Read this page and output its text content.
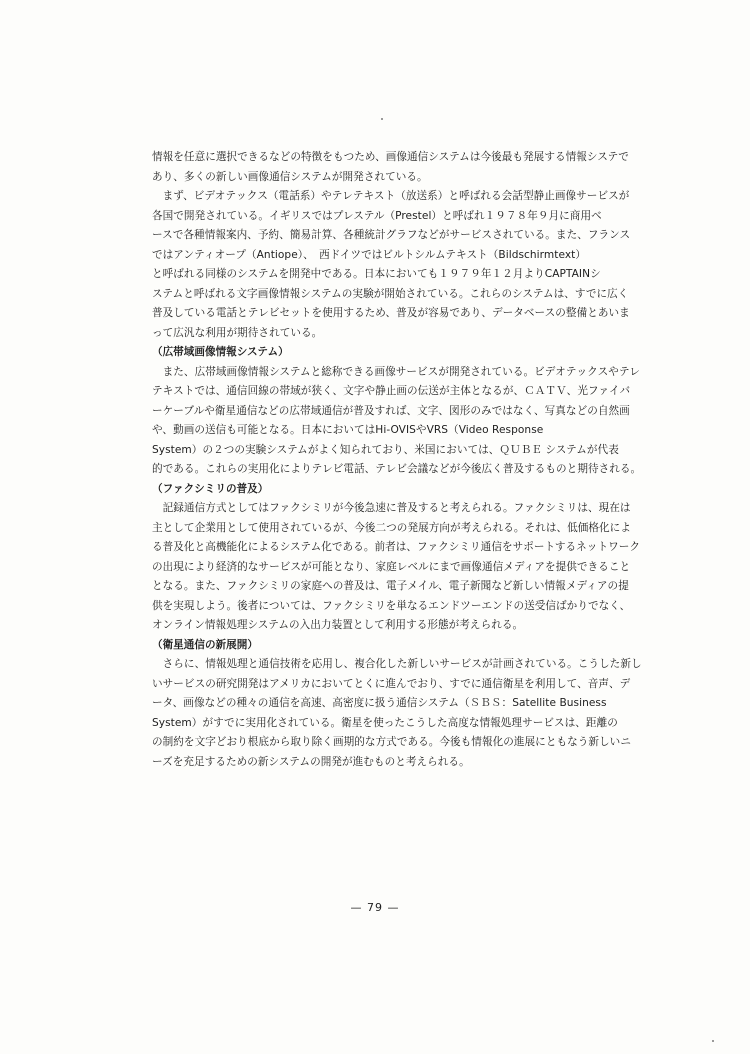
情報を任意に選択できるなどの特徴をもつため、画像通信システムは今後最も発展する情報システで
あり、多くの新しい画像通信システムが開発されている。
　まず、ビデオテックス（電話系）やテレテキスト（放送系）と呼ばれる会話型静止画像サービスが
各国で開発されている。イギリスではプレステル（Prestel）と呼ばれ１９７８年９月に商用ベ
ースで各種情報案内、予約、簡易計算、各種統計グラフなどがサービスされている。また、フランス
ではアンティオープ（Antiope）、　西ドイツではビルトシルムテキスト（Bildschirmtext）
と呼ばれる同様のシステムを開発中である。日本においても１９７９年１２月よりCAPTAINシ
ステムと呼ばれる文字画像情報システムの実験が開始されている。これらのシステムは、すでに広く
普及している電話とテレビセットを使用するため、普及が容易であり、データベースの整備とあいま
って広汎な利用が期待されている。
（広帯域画像情報システム）
　また、広帯域画像情報システムと総称できる画像サービスが開発されている。ビデオテックスやテレ
テキストでは、通信回線の帯域が狭く、文字や静止画の伝送が主体となるが、ＣＡＴＶ、光ファイバ
ーケーブルや衛星通信などの広帯域通信が普及すれば、文字、図形のみではなく、写真などの自然画
や、動画の送信も可能となる。日本においてはHi-OVISやVRS（Video Response
System）の２つの実験システムがよく知られており、米国においては、ＱＵＢＥ システムが代表
的である。これらの実用化によりテレビ電話、テレビ会議などが今後広く普及するものと期待される。
（ファクシミリの普及）
　記録通信方式としてはファクシミリが今後急速に普及すると考えられる。ファクシミリは、現在は
主として企業用として使用されているが、今後二つの発展方向が考えられる。それは、低価格化によ
る普及化と高機能化によるシステム化である。前者は、ファクシミリ通信をサポートするネットワーク
の出現により経済的なサービスが可能となり、家庭レベルにまで画像通信メディアを提供できること
となる。また、ファクシミリの家庭への普及は、電子メイル、電子新聞など新しい情報メディアの提
供を実現しよう。後者については、ファクシミリを単なるエンドツーエンドの送受信ばかりでなく、
オンライン情報処理システムの入出力装置として利用する形態が考えられる。
（衛星通信の新展開）
　さらに、情報処理と通信技術を応用し、複合化した新しいサービスが計画されている。こうした新し
いサービスの研究開発はアメリカにおいてとくに進んでおり、すでに通信衛星を利用して、音声、デ
ータ、画像などの種々の通信を高速、高密度に扱う通信システム（ＳＢＳ：Satellite Business
System）がすでに実用化されている。衛星を使ったこうした高度な情報処理サービスは、距離の
の制約を文字どおり根底から取り除く画期的な方式である。今後も情報化の進展にともなう新しいニ
ーズを充足するための新システムの開発が進むものと考えられる。
— 79 —
